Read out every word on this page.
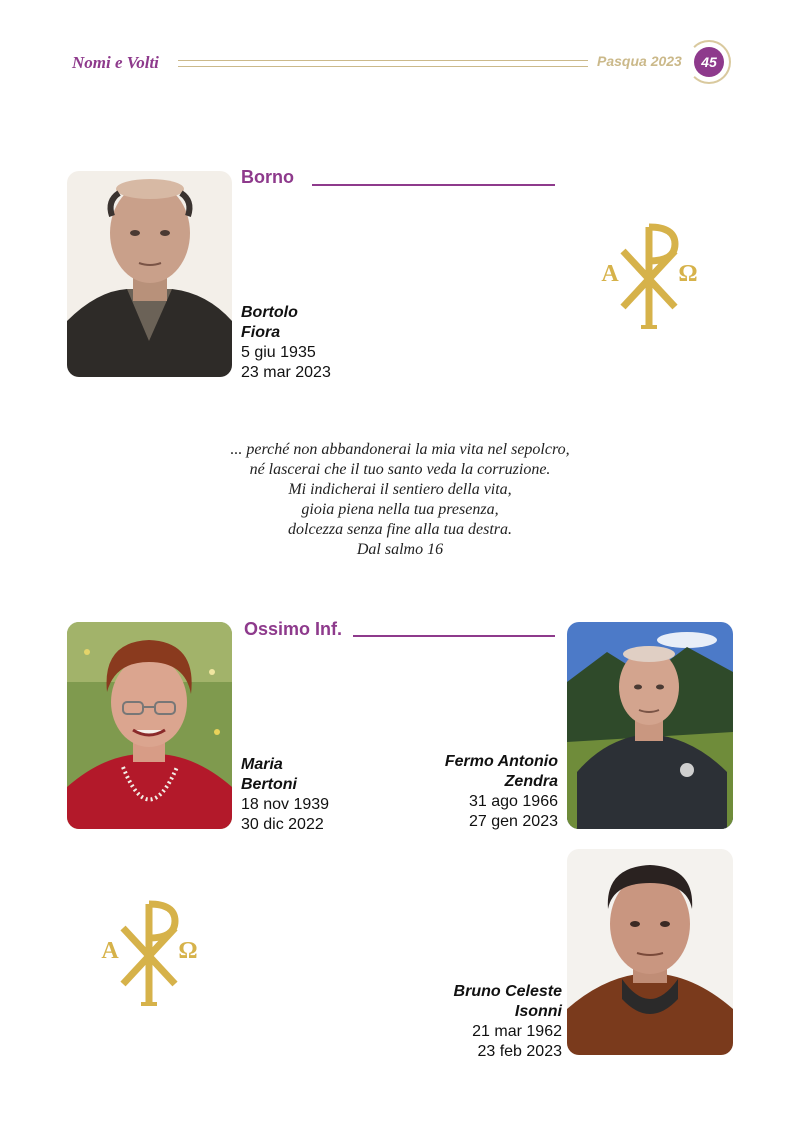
Nomi e Volti	Pasqua 2023	45
Borno
Bortolo
Fiora
5 giu 1935
23 mar 2023
A Ω
... perché non abbandonerai la mia vita nel sepolcro,
né lascerai che il tuo santo veda la corruzione.
Mi indicherai il sentiero della vita,
gioia piena nella tua presenza,
dolcezza senza fine alla tua destra.
Dal salmo 16
Ossimo Inf.
Maria
Bertoni
18 nov 1939
30 dic 2022
Fermo Antonio
Zendra
31 ago 1966
27 gen 2023
Bruno Celeste
Isonni
21 mar 1962
23 feb 2023
A Ω
